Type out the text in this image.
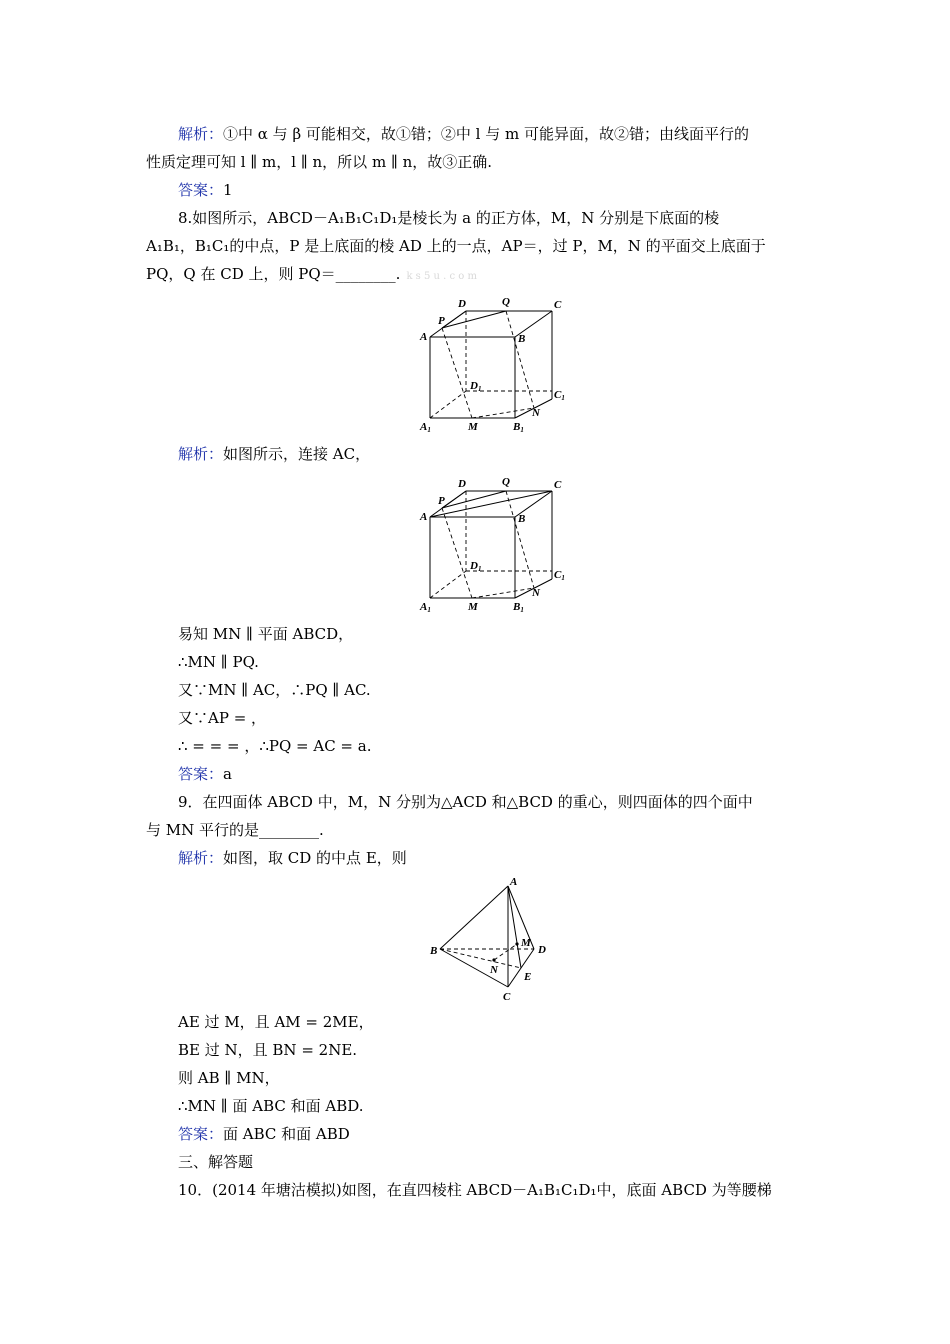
解析：①中 α 与 β 可能相交，故①错；②中 l 与 m 可能异面，故②错；由线面平行的
性质定理可知 l ∥ m，l ∥ n，所以 m ∥ n，故③正确.
答案：1
8.如图所示，ABCD－A₁B₁C₁D₁是棱长为 a 的正方体，M，N 分别是下底面的棱
A₁B₁，B₁C₁的中点，P 是上底面的棱 AD 上的一点，AP＝，过 P，M，N 的平面交上底面于
PQ，Q 在 CD 上，则 PQ＝________. k s 5 u . c o m
A	B
C
D
P
Q
D1	C1
N
A1	M	B1
解析：如图所示，连接 AC，
A	B
C
D
P
Q
D1	C1
N
A1	M	B1
易知 MN ∥ 平面 ABCD，
∴MN ∥ PQ.
又∵MN ∥ AC，∴PQ ∥ AC.
又∵AP = ，
∴ = = = ，∴PQ = AC = a.
答案：a
9．在四面体 ABCD 中，M，N 分别为△ACD 和△BCD 的重心，则四面体的四个面中
与 MN 平行的是________.
解析：如图，取 CD 的中点 E，则
A
B
C
D
M
N
E
AE 过 M，且 AM = 2ME，
BE 过 N，且 BN = 2NE.
则 AB ∥ MN，
∴MN ∥ 面 ABC 和面 ABD.
答案：面 ABC 和面 ABD
三、解答题
10．(2014 年塘沽模拟)如图，在直四棱柱 ABCD－A₁B₁C₁D₁中，底面 ABCD 为等腰梯
